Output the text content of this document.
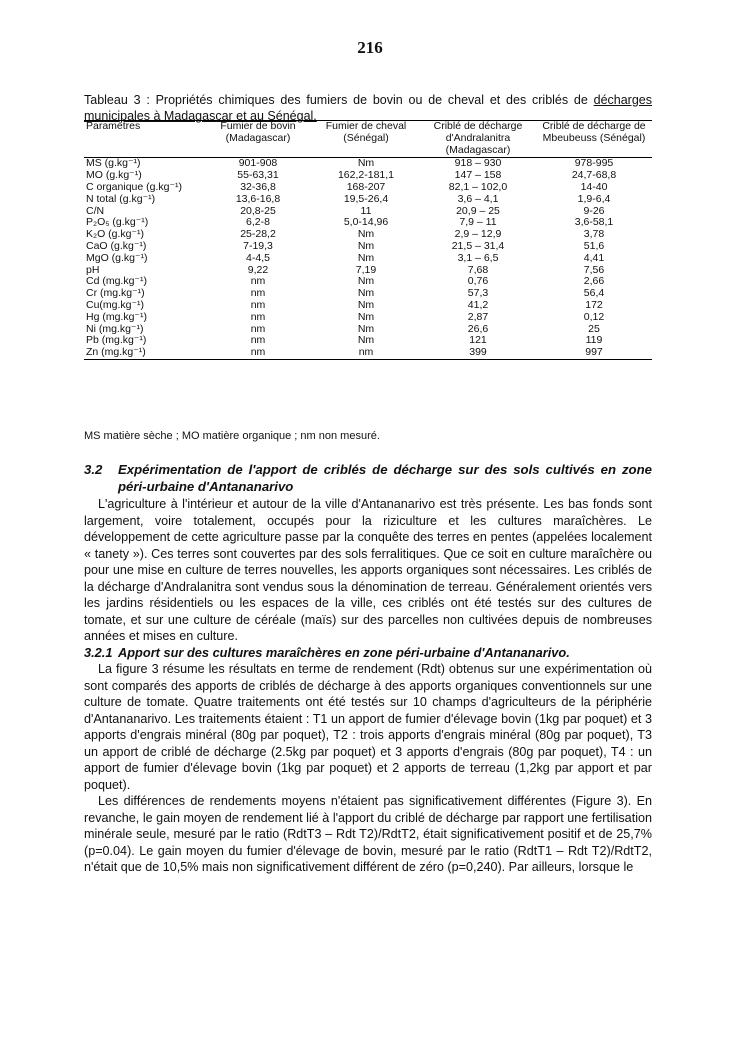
216

Tableau 3 : Propriétés chimiques des fumiers de bovin ou de cheval et des criblés de décharges municipales à Madagascar et au Sénégal.

Paramètres	Fumier de bovin (Madagascar)	Fumier de cheval (Sénégal)	Criblé de décharge d'Andralanitra (Madagascar)	Criblé de décharge de Mbeubeuss (Sénégal)
MS (g.kg⁻¹)	901-908	Nm	918 – 930	978-995
MO (g.kg⁻¹)	55-63,31	162,2-181,1	147 – 158	24,7-68,8
C organique (g.kg⁻¹)	32-36,8	168-207	82,1 – 102,0	14-40
N total (g.kg⁻¹)	13,6-16,8	19,5-26,4	3,6 – 4,1	1,9-6,4
C/N	20,8-25	11	20,9 – 25	9-26
P₂O₅ (g.kg⁻¹)	6,2-8	5,0-14,96	7,9 – 11	3,6-58,1
K₂O (g.kg⁻¹)	25-28,2	Nm	2,9 – 12,9	3,78
CaO (g.kg⁻¹)	7-19,3	Nm	21,5 – 31,4	51,6
MgO (g.kg⁻¹)	4-4,5	Nm	3,1 – 6,5	4,41
pH	9,22	7,19	7,68	7,56
Cd (mg.kg⁻¹)	nm	Nm	0,76	2,66
Cr (mg.kg⁻¹)	nm	Nm	57,3	56,4
Cu(mg.kg⁻¹)	nm	Nm	41,2	172
Hg (mg.kg⁻¹)	nm	Nm	2,87	0,12
Ni (mg.kg⁻¹)	nm	Nm	26,6	25
Pb (mg.kg⁻¹)	nm	Nm	121	119
Zn (mg.kg⁻¹)	nm	nm	399	997

MS matière sèche ; MO matière organique ; nm non mesuré.

3.2	Expérimentation de l'apport de criblés de décharge sur des sols cultivés en zone péri-urbaine d'Antananarivo

L'agriculture à l'intérieur et autour de la ville d'Antananarivo est très présente. Les bas fonds sont largement, voire totalement, occupés pour la riziculture et les cultures maraîchères. Le développement de cette agriculture passe par la conquête des terres en pentes (appelées localement « tanety »). Ces terres sont couvertes par des sols ferralitiques. Que ce soit en culture maraîchère ou pour une mise en culture de terres nouvelles, les apports organiques sont nécessaires. Les criblés de la décharge d'Andralanitra sont vendus sous la dénomination de terreau. Généralement orientés vers les jardins résidentiels ou les espaces de la ville, ces criblés ont été testés sur des cultures de tomate, et sur une culture de céréale (maïs) sur des parcelles non cultivées depuis de nombreuses années et mises en culture.

3.2.1 Apport sur des cultures maraîchères en zone péri-urbaine d'Antananarivo.

La figure 3 résume les résultats en terme de rendement (Rdt) obtenus sur une expérimentation où sont comparés des apports de criblés de décharge à des apports organiques conventionnels sur une culture de tomate. Quatre traitements ont été testés sur 10 champs d'agriculteurs de la périphérie d'Antananarivo. Les traitements étaient : T1 un apport de fumier d'élevage bovin (1kg par poquet) et 3 apports d'engrais minéral (80g par poquet), T2 : trois apports d'engrais minéral (80g par poquet), T3 un apport de criblé de décharge (2.5kg par poquet) et 3 apports d'engrais (80g par poquet), T4 : un apport de fumier d'élevage bovin (1kg par poquet) et 2 apports de terreau (1,2kg par apport et par poquet).

Les différences de rendements moyens n'étaient pas significativement différentes (Figure 3). En revanche, le gain moyen de rendement lié à l'apport du criblé de décharge par rapport une fertilisation minérale seule, mesuré par le ratio (RdtT3 – Rdt T2)/RdtT2, était significativement positif et de 25,7% (p=0.04). Le gain moyen du fumier d'élevage de bovin, mesuré par le ratio (RdtT1 – Rdt T2)/RdtT2, n'était que de 10,5% mais non significativement différent de zéro (p=0,240). Par ailleurs, lorsque le
